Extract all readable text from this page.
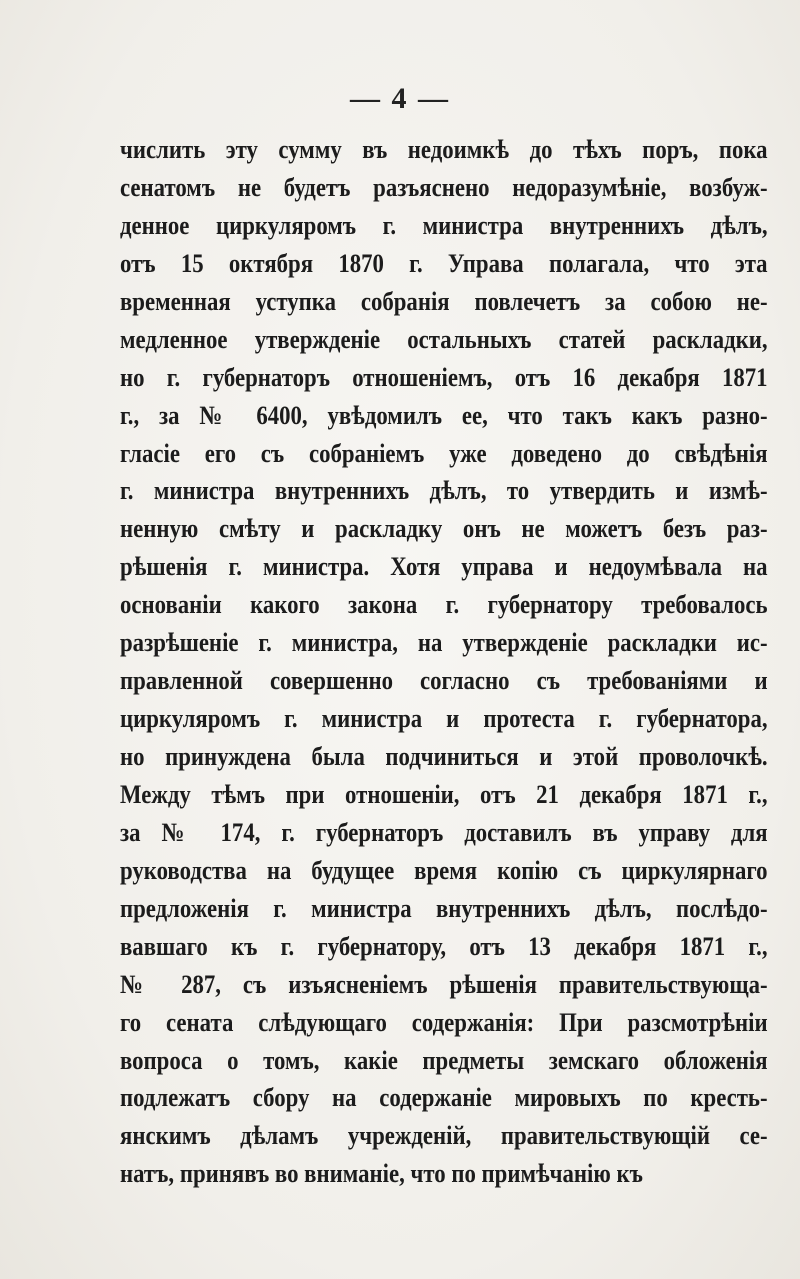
— 4 —
числить эту сумму въ недоимкѣ до тѣхъ поръ, пока
сенатомъ не будетъ разъяснено недоразумѣніе, возбуж-
денное циркуляромъ г. министра внутреннихъ дѣлъ,
отъ 15 октября 1870 г. Управа полагала, что эта
временная уступка собранія повлечетъ за собою не-
медленное утвержденіе остальныхъ статей раскладки,
но г. губернаторъ отношеніемъ, отъ 16 декабря 1871
г., за № 6400, увѣдомилъ ее, что такъ какъ разно-
гласіе его съ собраніемъ уже доведено до свѣдѣнія
г. министра внутреннихъ дѣлъ, то утвердить и измѣ-
ненную смѣту и раскладку онъ не можетъ безъ раз-
рѣшенія г. министра. Хотя управа и недоумѣвала на
основаніи какого закона г. губернатору требовалось
разрѣшеніе г. министра, на утвержденіе раскладки ис-
правленной совершенно согласно съ требованіями и
циркуляромъ г. министра и протеста г. губернатора,
но принуждена была подчиниться и этой проволочкѣ.
Между тѣмъ при отношеніи, отъ 21 декабря 1871 г.,
за № 174, г. губернаторъ доставилъ въ управу для
руководства на будущее время копію съ циркулярнаго
предложенія г. министра внутреннихъ дѣлъ, послѣдо-
вавшаго къ г. губернатору, отъ 13 декабря 1871 г.,
№ 287, съ изъясненіемъ рѣшенія правительствующа-
го сената слѣдующаго содержанія: При разсмотрѣніи
вопроса о томъ, какіе предметы земскаго обложенія
подлежатъ сбору на содержаніе мировыхъ по кресть-
янскимъ дѣламъ учрежденій, правительствующій се-
натъ, принявъ во вниманіе, что по примѣчанію къ
